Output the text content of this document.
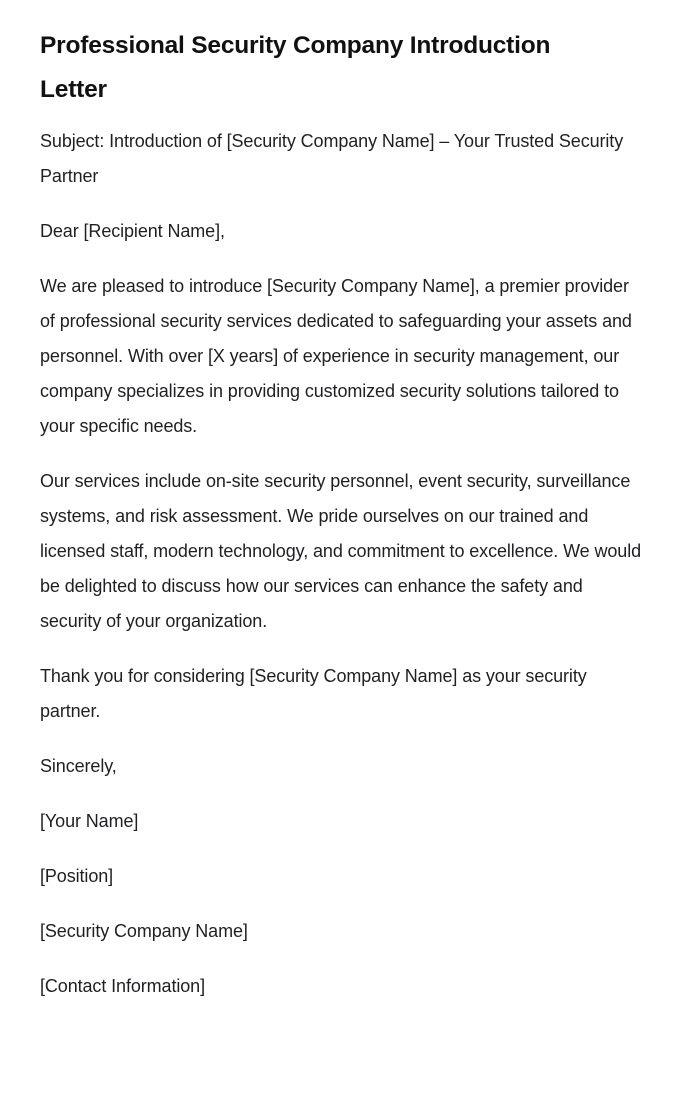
Professional Security Company Introduction Letter

Subject: Introduction of [Security Company Name] – Your Trusted Security Partner

Dear [Recipient Name],

We are pleased to introduce [Security Company Name], a premier provider of professional security services dedicated to safeguarding your assets and personnel. With over [X years] of experience in security management, our company specializes in providing customized security solutions tailored to your specific needs.

Our services include on-site security personnel, event security, surveillance systems, and risk assessment. We pride ourselves on our trained and licensed staff, modern technology, and commitment to excellence. We would be delighted to discuss how our services can enhance the safety and security of your organization.

Thank you for considering [Security Company Name] as your security partner.

Sincerely,

[Your Name]

[Position]

[Security Company Name]

[Contact Information]
